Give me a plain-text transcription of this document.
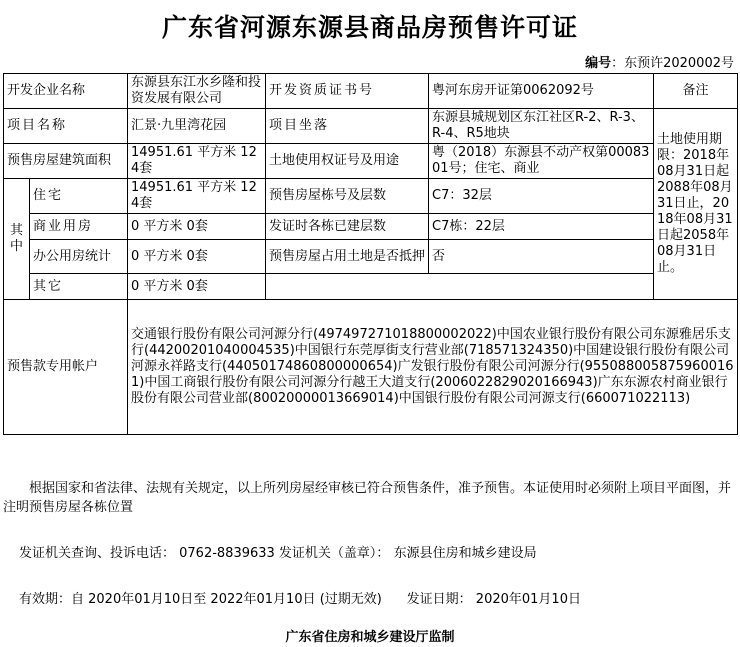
广东省河源东源县商品房预售许可证
编号：东预许2020002号
开发企业名称		东源县东江水乡隆和投资发展有限公司	开发资质证书号	粤河东房开证第0062092号	备注
项目名称		汇景·九里湾花园	项目坐落	东源县城规划区东江社区R-2、R-3、R-4、R5地块	土地使用期限：2018年08月31日起2088年08月31日止，2018年08月31日起2058年08月31日止。
预售房屋建筑面积		14951.61 平方米 124套	土地使用权证号及用途	粤（2018）东源县不动产权第0008301号；住宅、商业	

其
中	住宅	14951.61 平方米 124套	预售房屋栋号及层数	C7：32层	
	商业用房	0 平方米 0套	发证时各栋已建层数	C7栋：22层	
	办公用房统计	0 平方米 0套	预售房屋占用土地是否抵押	否	
	其它	0 平方米 0套			
预售款专用帐户		交通银行股份有限公司河源分行(497497271018800002022)中国农业银行股份有限公司东源雅居乐支行(44200201040004535)中国银行东莞厚街支行营业部(718571324350)中国建设银行股份有限公司河源永祥路支行(44050174860800000654)广发银行股份有限公司河源分行(9550880058759600161)中国工商银行股份有限公司河源分行越王大道支行(2006022829020166943)广东东源农村商业银行股份有限公司营业部(80020000013669014)中国银行股份有限公司河源支行(660071022113)			
根据国家和省法律、法规有关规定，以上所列房屋经审核已符合预售条件，准予预售。本证使用时必须附上项目平面图，并注明预售房屋各栋位置
发证机关查询、投诉电话： 0762-8839633 发证机关（盖章）： 东源县住房和城乡建设局
有效期：自 2020年01月10日至 2022年01月10日 (过期无效)      发证日期： 2020年01月10日
广东省住房和城乡建设厅监制
